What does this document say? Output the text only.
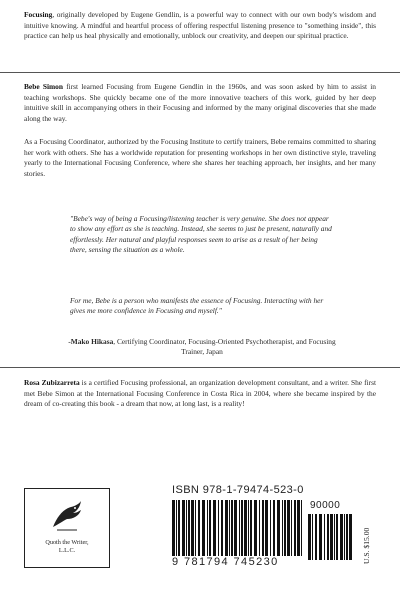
Focusing, originally developed by Eugene Gendlin, is a powerful way to connect with our own body's wisdom and intuitive knowing. A mindful and heartful process of offering respectful listening presence to "something inside", this practice can help us heal physically and emotionally, unblock our creativity, and deepen our spiritual practice.

Bebe Simon first learned Focusing from Eugene Gendlin in the 1960s, and was soon asked by him to assist in teaching workshops. She quickly became one of the more innovative teachers of this work, guided by her deep intuitive skill in accompanying others in their Focusing and informed by the many original discoveries that she made along the way.

As a Focusing Coordinator, authorized by the Focusing Institute to certify trainers, Bebe remains committed to sharing her work with others. She has a worldwide reputation for presenting workshops in her own distinctive style, traveling yearly to the International Focusing Conference, where she shares her teaching approach, her insights, and her many stories.

"Bebe's way of being a Focusing/listening teacher is very genuine. She does not appear to show any effort as she is teaching. Instead, she seems to just be present, naturally and effortlessly. Her natural and playful responses seem to arise as a result of her being there, sensing the situation as a whole.

For me, Bebe is a person who manifests the essence of Focusing. Interacting with her gives me more confidence in Focusing and myself."

-Mako Hikasa, Certifying Coordinator, Focusing-Oriented Psychotherapist, and Focusing Trainer, Japan

Rosa Zubizarreta is a certified Focusing professional, an organization development consultant, and a writer. She first met Bebe Simon at the International Focusing Conference in Costa Rica in 2004, where she became inspired by the dream of co-creating this book - a dream that now, at long last, is a reality!

Quoth the Writer,
L.L.C.
ISBN 978-1-79474-523-0
90000
9 781794 745230	U.S. $15.00
